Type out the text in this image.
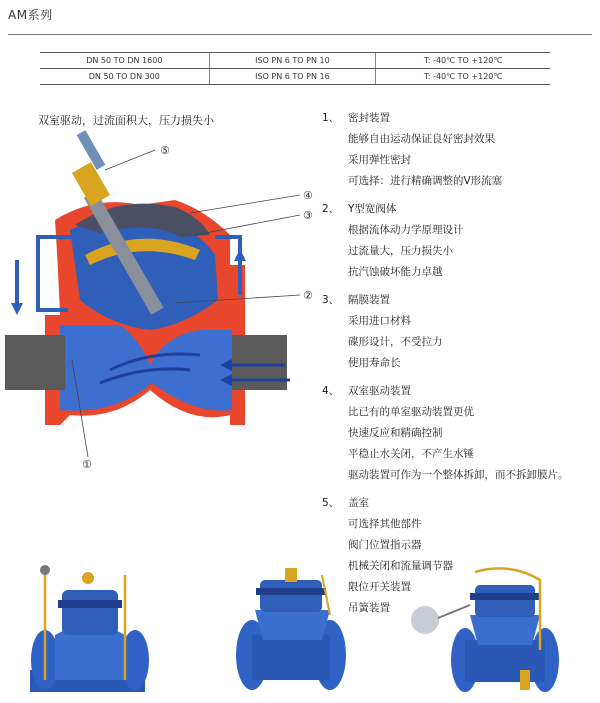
AM系列
DN 50 TO DN 1600	ISO PN 6 TO PN 10	T: -40℃ TO +120℃
DN 50 TO DN 300	ISO PN 6 TO PN 16	T: -40℃ TO +120℃
双室驱动，过流面积大，压力损失小
⑤
④
③
②
①
1、 密封装置
能够自由运动保证良好密封效果
采用弹性密封
可选择：进行精确调整的V形流塞
2、 Y型宽阀体
根据流体动力学原理设计
过流量大，压力损失小
抗汽蚀破坏能力卓越
3、 隔膜装置
采用进口材料
碟形设计，不受拉力
使用寿命长
4、 双室驱动装置
比已有的单室驱动装置更优
快速反应和精确控制
平稳止水关闭，不产生水锤
驱动装置可作为一个整体拆卸，而不拆卸膜片。
5、 盖室
可选择其他部件
阀门位置指示器
机械关闭和流量调节器
限位开关装置
吊簧装置
